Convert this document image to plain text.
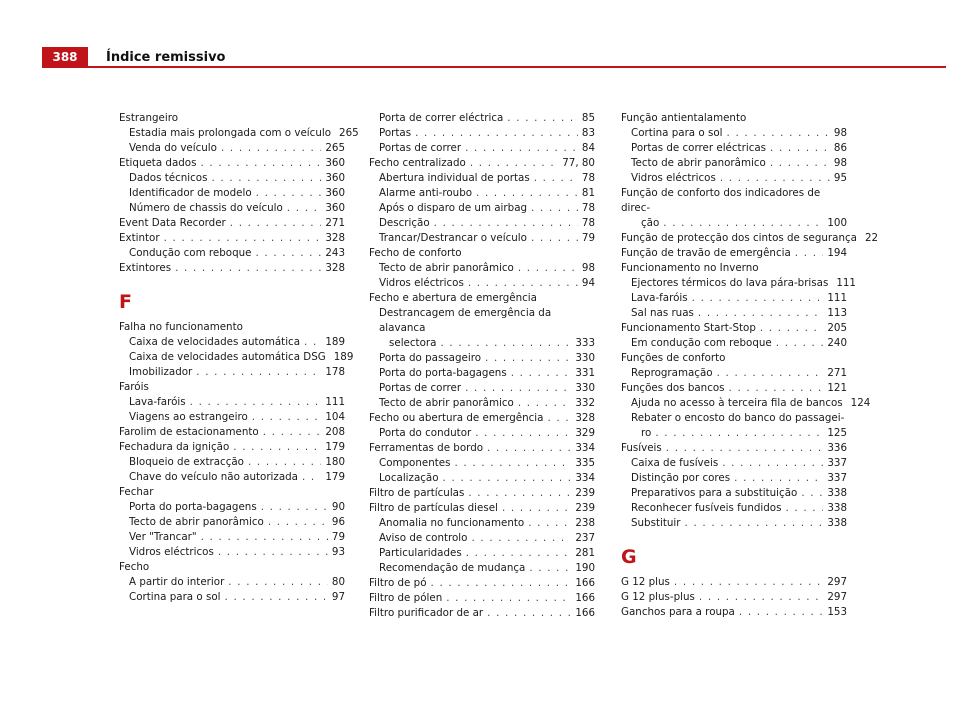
388	Índice remissivo
Estrangeiro
Estadia mais prolongada com o veículo 265
Venda do veículo . . .	265
Etiqueta dados . . .	360
Dados técnicos . . .	360
Identificador de modelo . . .	360
Número de chassis do veículo . . .	360
Event Data Recorder . . .	271
Extintor . . .	328
Condução com reboque . . .	243
Extintores . . .	328
F
Falha no funcionamento
Caixa de velocidades automática . . . 189
Caixa de velocidades automática DSG 189
Imobilizador . . .	178
Faróis
Lava-faróis . . .	111
Viagens ao estrangeiro . . .	104
Farolim de estacionamento . . .	208
Fechadura da ignição . . .	179
Bloqueio de extracção . . .	180
Chave do veículo não autorizada . . .	179
Fechar
Porta do porta-bagagens . . .	90
Tecto de abrir panorâmico . . .	96
Ver "Trancar" . . .	79
Vidros eléctricos . . .	93
Fecho
A partir do interior . . .	80
Cortina para o sol . . .	97
Porta de correr eléctrica . . .	85
Portas . . .	83
Portas de correr . . .	84
Fecho centralizado . . .	77, 80
Abertura individual de portas . . .	78
Alarme anti-roubo . . .	81
Após o disparo de um airbag . . .	78
Descrição . . .	78
Trancar/Destrancar o veículo . . .	79
Fecho de conforto
Tecto de abrir panorâmico . . .	98
Vidros eléctricos . . .	94
Fecho e abertura de emergência
Destrancagem de emergência da alavanca
selectora . . .	333
Porta do passageiro . . .	330
Porta do porta-bagagens . . .	331
Portas de correr . . .	330
Tecto de abrir panorâmico . . .	332
Fecho ou abertura de emergência . . .	328
Porta do condutor . . .	329
Ferramentas de bordo . . .	334
Componentes . . .	335
Localização . . .	334
Filtro de partículas . . .	239
Filtro de partículas diesel . . .	239
Anomalia no funcionamento . . .	238
Aviso de controlo . . .	237
Particularidades . . .	281
Recomendação de mudança . . .	190
Filtro de pó . . .	166
Filtro de pólen . . .	166
Filtro purificador de ar . . .	166
Função antientalamento
Cortina para o sol . . .	98
Portas de correr eléctricas . . .	86
Tecto de abrir panorâmico . . .	98
Vidros eléctricos . . .	95
Função de conforto dos indicadores de direc-
ção . . .	100
Função de protecção dos cintos de segurança 22
Função de travão de emergência . . .	194
Funcionamento no Inverno
Ejectores térmicos do lava pára-brisas 111
Lava-faróis . . .	111
Sal nas ruas . . .	113
Funcionamento Start-Stop . . .	205
Em condução com reboque . . .	240
Funções de conforto
Reprogramação . . .	271
Funções dos bancos . . .	121
Ajuda no acesso à terceira fila de bancos 124
Rebater o encosto do banco do passagei-
ro . . .	125
Fusíveis . . .	336
Caixa de fusíveis . . .	337
Distinção por cores . . .	337
Preparativos para a substituição . . .	338
Reconhecer fusíveis fundidos . . .	338
Substituir . . .	338
G
G 12 plus . . .	297
G 12 plus-plus . . .	297
Ganchos para a roupa . . .	153
